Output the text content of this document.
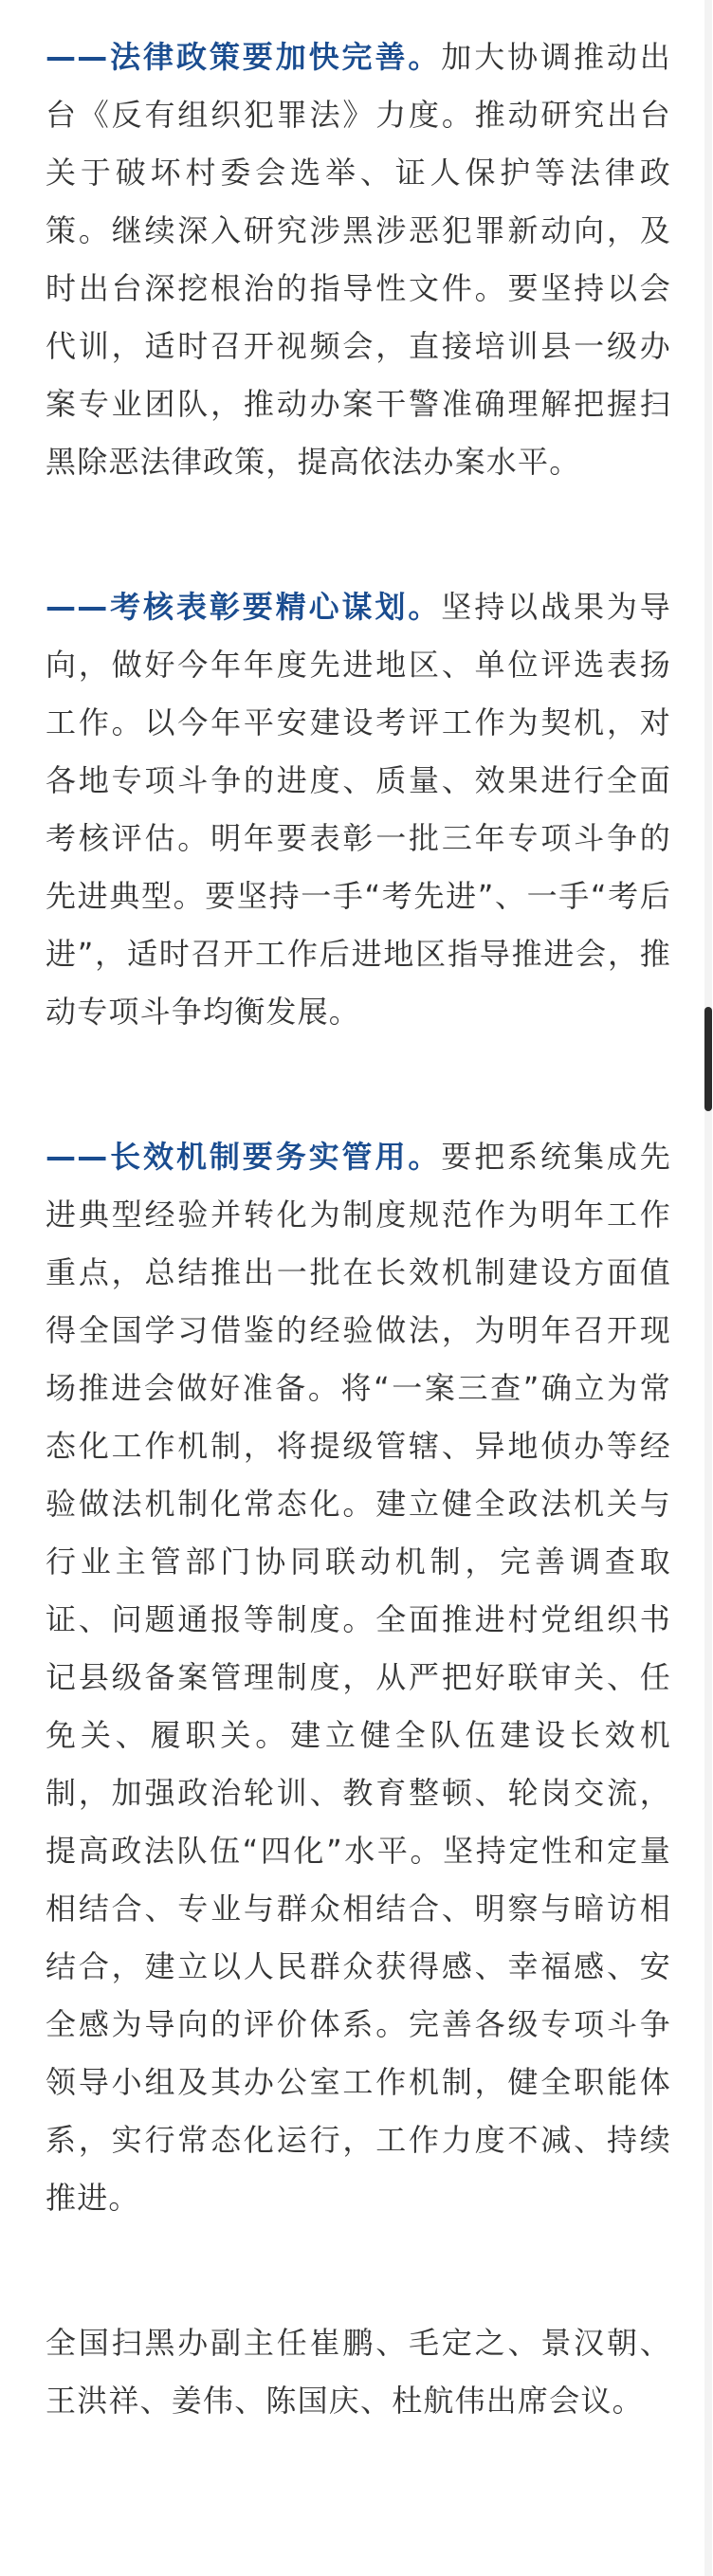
——法律政策要加快完善。加大协调推动出台《反有组织犯罪法》力度。推动研究出台关于破坏村委会选举、证人保护等法律政策。继续深入研究涉黑涉恶犯罪新动向，及时出台深挖根治的指导性文件。要坚持以会代训，适时召开视频会，直接培训县一级办案专业团队，推动办案干警准确理解把握扫黑除恶法律政策，提高依法办案水平。

——考核表彰要精心谋划。坚持以战果为导向，做好今年年度先进地区、单位评选表扬工作。以今年平安建设考评工作为契机，对各地专项斗争的进度、质量、效果进行全面考核评估。明年要表彰一批三年专项斗争的先进典型。要坚持一手“考先进”、一手“考后进”，适时召开工作后进地区指导推进会，推动专项斗争均衡发展。

——长效机制要务实管用。要把系统集成先进典型经验并转化为制度规范作为明年工作重点，总结推出一批在长效机制建设方面值得全国学习借鉴的经验做法，为明年召开现场推进会做好准备。将“一案三查”确立为常态化工作机制，将提级管辖、异地侦办等经验做法机制化常态化。建立健全政法机关与行业主管部门协同联动机制，完善调查取证、问题通报等制度。全面推进村党组织书记县级备案管理制度，从严把好联审关、任免关、履职关。建立健全队伍建设长效机制，加强政治轮训、教育整顿、轮岗交流，提高政法队伍“四化”水平。坚持定性和定量相结合、专业与群众相结合、明察与暗访相结合，建立以人民群众获得感、幸福感、安全感为导向的评价体系。完善各级专项斗争领导小组及其办公室工作机制，健全职能体系，实行常态化运行，工作力度不减、持续推进。

全国扫黑办副主任崔鹏、毛定之、景汉朝、王洪祥、姜伟、陈国庆、杜航伟出席会议。
